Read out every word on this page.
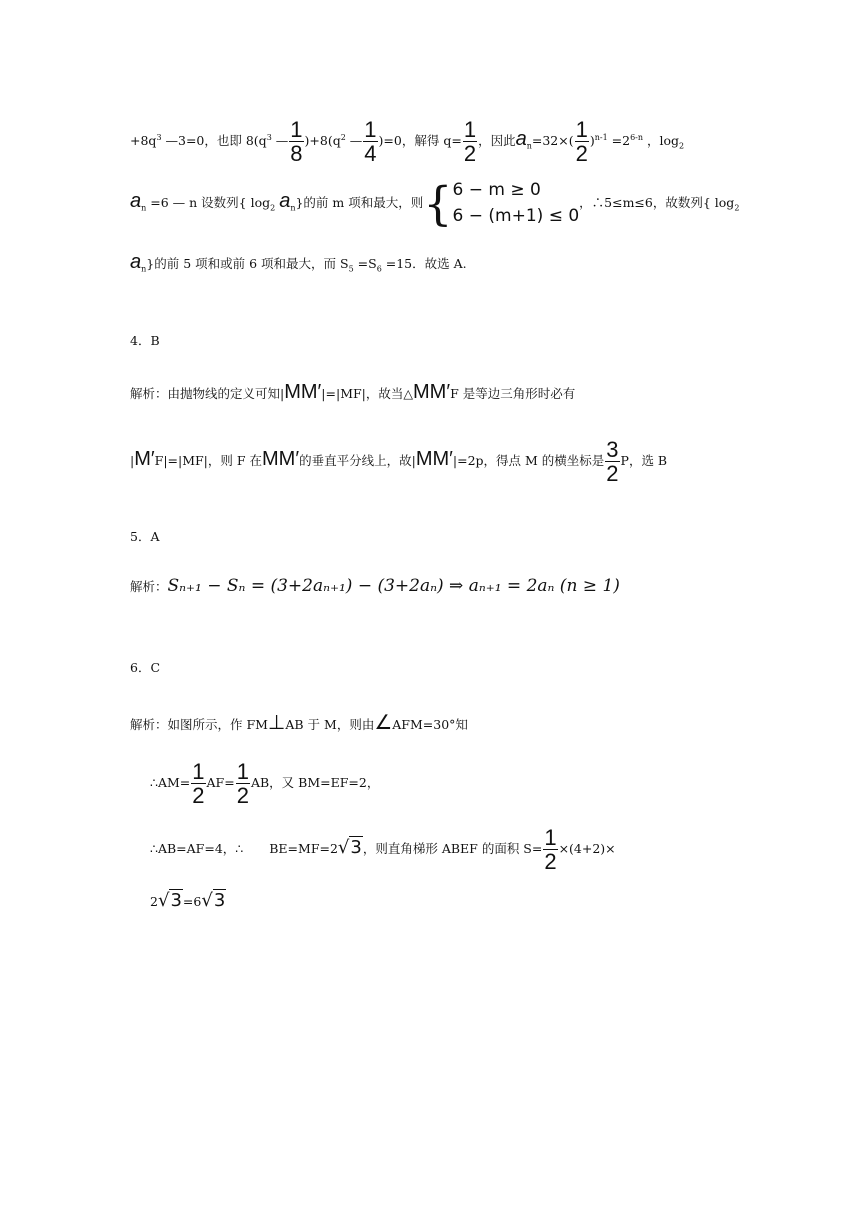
$+8q^3$ —3=0，也即 $8(q^3$ — $\frac{1}{8} )+8(q^2$ — $\frac{1}{4} )=0$，解得 $q= \frac{1}{2}$ ，因此$a_n=32\times( \frac{1}{2} )^{n-1} =2^{6-n}$ ，$\log_2$
$a_n =6$ — n 设数列{ $\log_2 a_n$}的前 m 项和最大，则{ 6 − m ≥ 0
6 − (m+1) ≤ 0
，∴5≤m≤6，故数列{ $\log_2$
$a_n$}的前 5 项和或前 6 项和最大，而 $S_5 =S_6 =15$．故选 A.
4．B
解析：由抛物线的定义可知|MM′|=|MF|，故当△MM′F 是等边三角形时必有
|M′F|=|MF|，则 F 在MM′的垂直平分线上，故|MM′|=2p，得点 M 的横坐标是 $\frac{3}{2}$ P，选 B
5．A
解析：Sₙ₊₁ − Sₙ = (3+2aₙ₊₁) − (3+2aₙ) ⇒ aₙ₊₁ = 2aₙ (n ≥ 1)
6．C
解析：如图所示，作 FM⊥AB 于 M，则由∠AFM=30°知
∴AM= $\frac{1}{2} AF= \frac{1}{2}$ AB，又 BM=EF=2，
∴AB=AF=4，∴ BE=MF=2√3，则直角梯形 ABEF 的面积 $S= \frac{1}{2} \times(4+2)\times$
2√3=6√3
